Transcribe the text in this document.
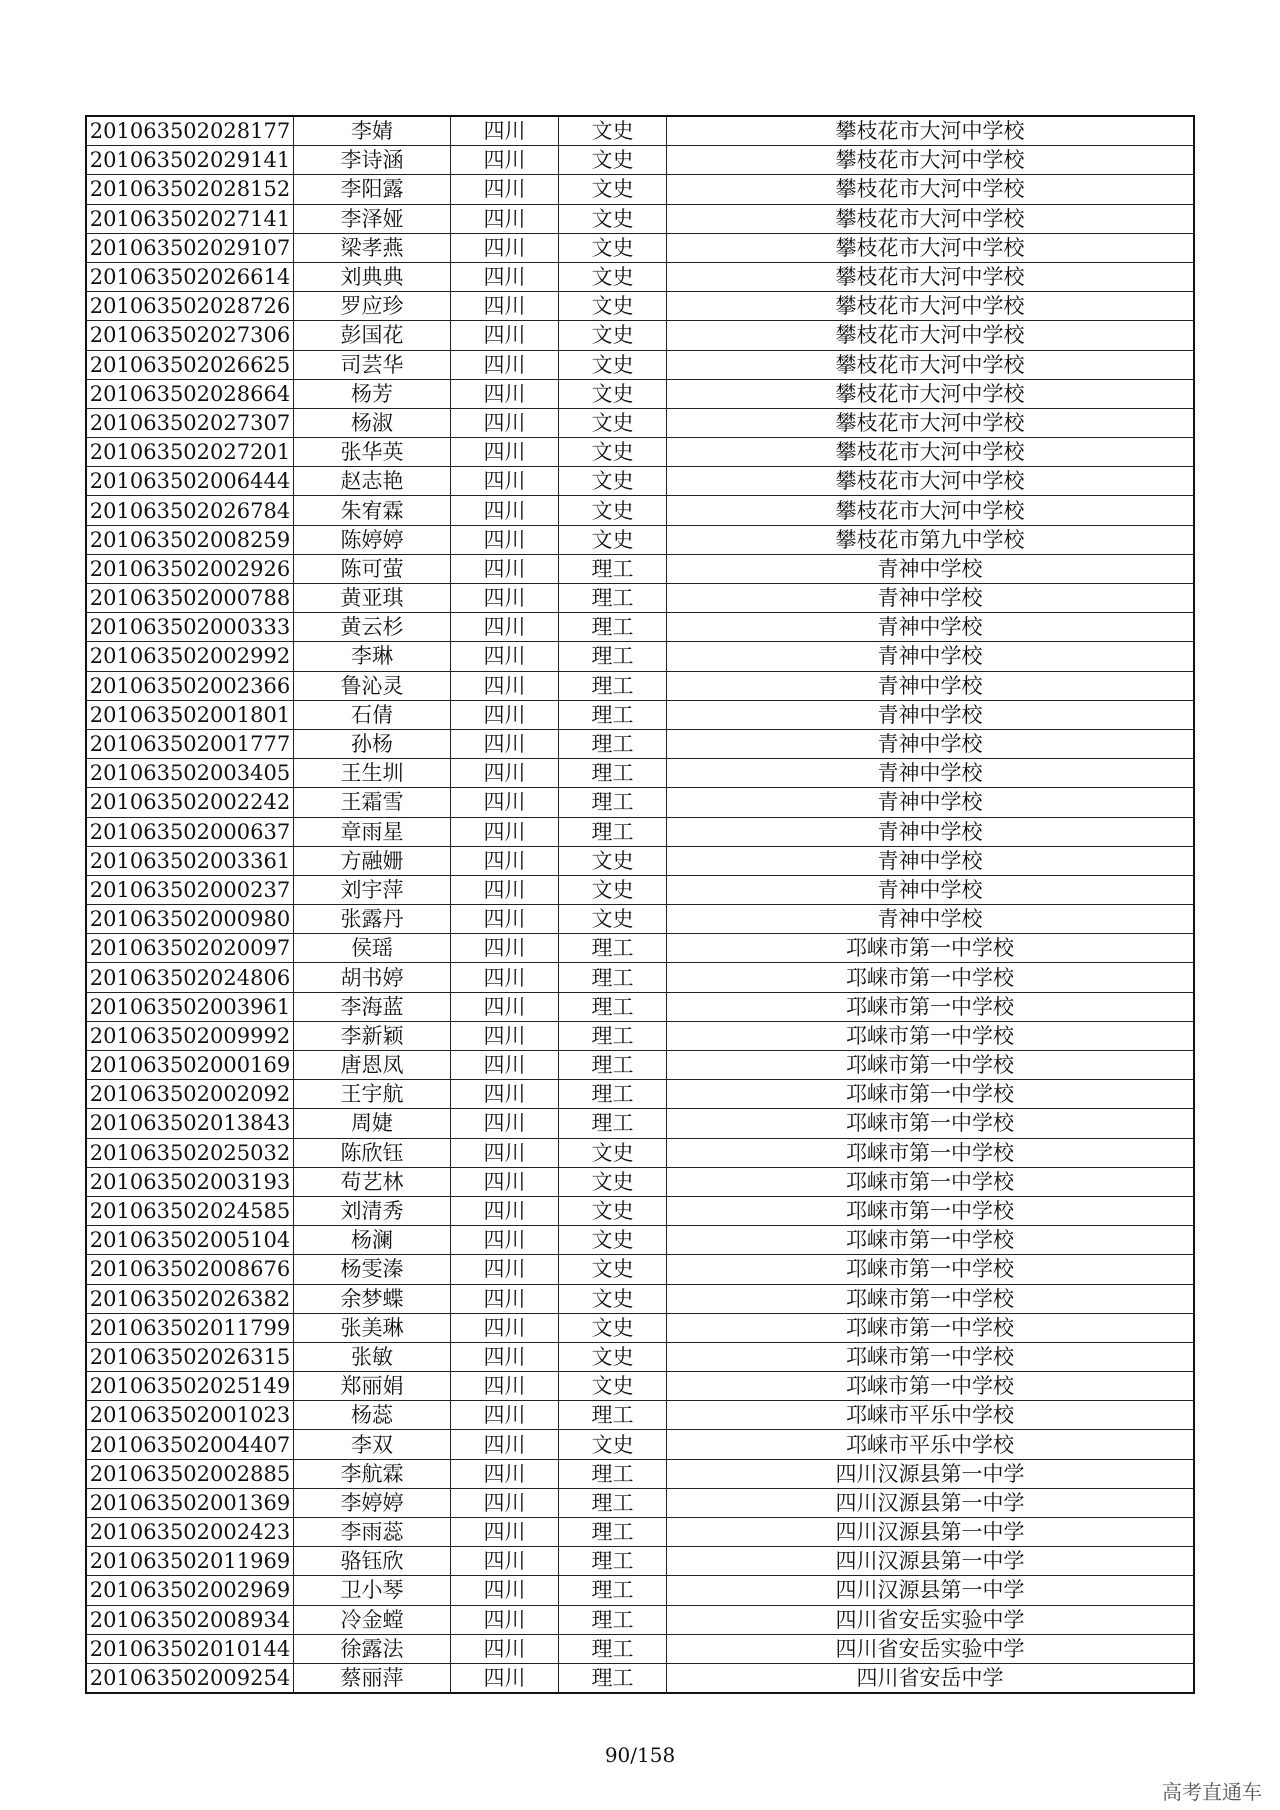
201063502028177	李婧	四川	文史	攀枝花市大河中学校
201063502029141	李诗涵	四川	文史	攀枝花市大河中学校
201063502028152	李阳露	四川	文史	攀枝花市大河中学校
201063502027141	李泽娅	四川	文史	攀枝花市大河中学校
201063502029107	梁孝燕	四川	文史	攀枝花市大河中学校
201063502026614	刘典典	四川	文史	攀枝花市大河中学校
201063502028726	罗应珍	四川	文史	攀枝花市大河中学校
201063502027306	彭国花	四川	文史	攀枝花市大河中学校
201063502026625	司芸华	四川	文史	攀枝花市大河中学校
201063502028664	杨芳	四川	文史	攀枝花市大河中学校
201063502027307	杨淑	四川	文史	攀枝花市大河中学校
201063502027201	张华英	四川	文史	攀枝花市大河中学校
201063502006444	赵志艳	四川	文史	攀枝花市大河中学校
201063502026784	朱宥霖	四川	文史	攀枝花市大河中学校
201063502008259	陈婷婷	四川	文史	攀枝花市第九中学校
201063502002926	陈可萤	四川	理工	青神中学校
201063502000788	黄亚琪	四川	理工	青神中学校
201063502000333	黄云杉	四川	理工	青神中学校
201063502002992	李琳	四川	理工	青神中学校
201063502002366	鲁沁灵	四川	理工	青神中学校
201063502001801	石倩	四川	理工	青神中学校
201063502001777	孙杨	四川	理工	青神中学校
201063502003405	王生圳	四川	理工	青神中学校
201063502002242	王霜雪	四川	理工	青神中学校
201063502000637	章雨星	四川	理工	青神中学校
201063502003361	方融姗	四川	文史	青神中学校
201063502000237	刘宇萍	四川	文史	青神中学校
201063502000980	张露丹	四川	文史	青神中学校
201063502020097	侯瑶	四川	理工	邛崃市第一中学校
201063502024806	胡书婷	四川	理工	邛崃市第一中学校
201063502003961	李海蓝	四川	理工	邛崃市第一中学校
201063502009992	李新颖	四川	理工	邛崃市第一中学校
201063502000169	唐恩凤	四川	理工	邛崃市第一中学校
201063502002092	王宇航	四川	理工	邛崃市第一中学校
201063502013843	周婕	四川	理工	邛崃市第一中学校
201063502025032	陈欣钰	四川	文史	邛崃市第一中学校
201063502003193	苟艺林	四川	文史	邛崃市第一中学校
201063502024585	刘清秀	四川	文史	邛崃市第一中学校
201063502005104	杨澜	四川	文史	邛崃市第一中学校
201063502008676	杨雯溱	四川	文史	邛崃市第一中学校
201063502026382	余梦蝶	四川	文史	邛崃市第一中学校
201063502011799	张美琳	四川	文史	邛崃市第一中学校
201063502026315	张敏	四川	文史	邛崃市第一中学校
201063502025149	郑丽娟	四川	文史	邛崃市第一中学校
201063502001023	杨蕊	四川	理工	邛崃市平乐中学校
201063502004407	李双	四川	文史	邛崃市平乐中学校
201063502002885	李航霖	四川	理工	四川汉源县第一中学
201063502001369	李婷婷	四川	理工	四川汉源县第一中学
201063502002423	李雨蕊	四川	理工	四川汉源县第一中学
201063502011969	骆钰欣	四川	理工	四川汉源县第一中学
201063502002969	卫小琴	四川	理工	四川汉源县第一中学
201063502008934	冷金螳	四川	理工	四川省安岳实验中学
201063502010144	徐露法	四川	理工	四川省安岳实验中学
201063502009254	蔡丽萍	四川	理工	四川省安岳中学
90/158
高考直通车
